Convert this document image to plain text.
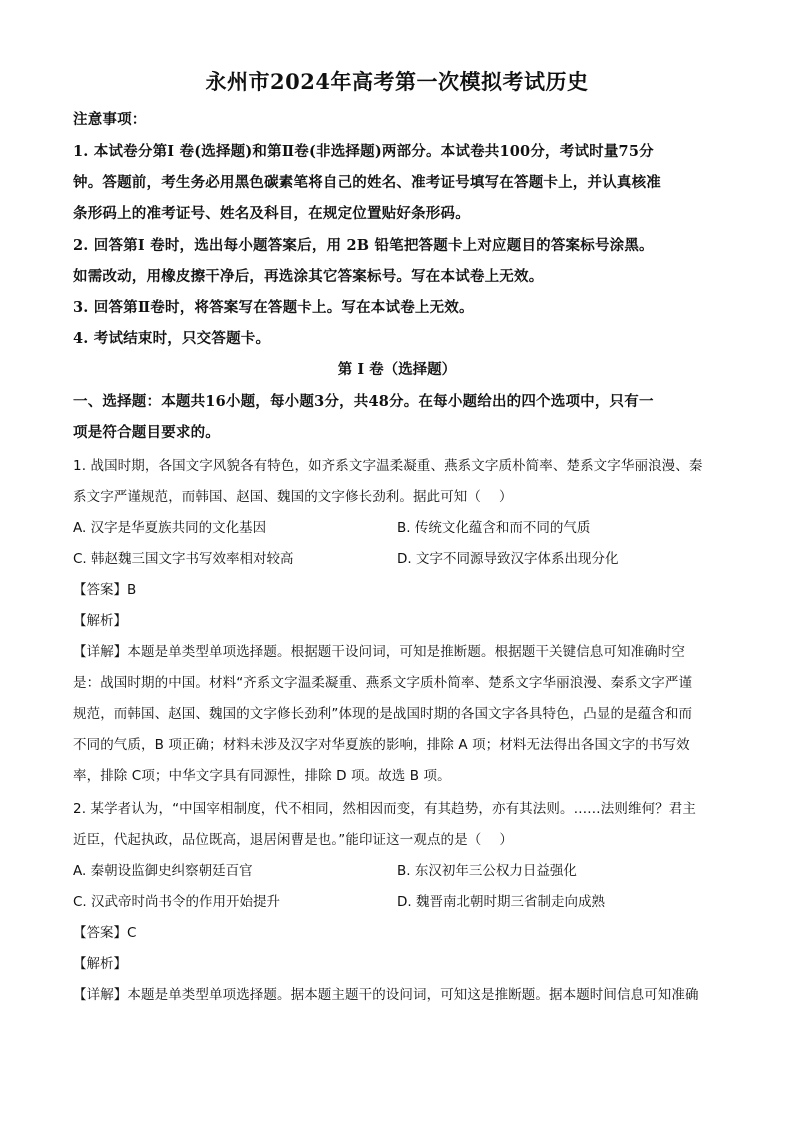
永州市2024年高考第一次模拟考试历史
注意事项：
1. 本试卷分第Ⅰ 卷(选择题)和第Ⅱ卷(非选择题)两部分。本试卷共100分，考试时量75分
钟。答题前，考生务必用黑色碳素笔将自己的姓名、准考证号填写在答题卡上，并认真核准
条形码上的准考证号、姓名及科目，在规定位置贴好条形码。
2. 回答第Ⅰ 卷时，选出每小题答案后，用 2B 铅笔把答题卡上对应题目的答案标号涂黑。
如需改动，用橡皮擦干净后，再选涂其它答案标号。写在本试卷上无效。
3. 回答第Ⅱ卷时，将答案写在答题卡上。写在本试卷上无效。
4. 考试结束时，只交答题卡。
第 Ⅰ 卷（选择题）
一、选择题：本题共16小题，每小题3分，共48分。在每小题给出的四个选项中，只有一
项是符合题目要求的。
1. 战国时期，各国文字风貌各有特色，如齐系文字温柔凝重、燕系文字质朴简率、楚系文字华丽浪漫、秦
系文字严谨规范，而韩国、赵国、魏国的文字修长劲利。据此可知（　 ）
A. 汉字是华夏族共同的文化基因	B. 传统文化蕴含和而不同的气质
C. 韩赵魏三国文字书写效率相对较高	D. 文字不同源导致汉字体系出现分化
【答案】B
【解析】
【详解】本题是单类型单项选择题。根据题干设问词，可知是推断题。根据题干关键信息可知准确时空
是：战国时期的中国。材料“齐系文字温柔凝重、燕系文字质朴简率、楚系文字华丽浪漫、秦系文字严谨
规范，而韩国、赵国、魏国的文字修长劲利”体现的是战国时期的各国文字各具特色，凸显的是蕴含和而
不同的气质，B 项正确；材料未涉及汉字对华夏族的影响，排除 A 项；材料无法得出各国文字的书写效
率，排除 C项；中华文字具有同源性，排除 D 项。故选 B 项。
2. 某学者认为，“中国宰相制度，代不相同，然相因而变，有其趋势，亦有其法则。……法则维何？君主
近臣，代起执政，品位既高，退居闲曹是也。”能印证这一观点的是（　 ）
A. 秦朝设监御史纠察朝廷百官	B. 东汉初年三公权力日益强化
C. 汉武帝时尚书令的作用开始提升	D. 魏晋南北朝时期三省制走向成熟
【答案】C
【解析】
【详解】本题是单类型单项选择题。据本题主题干的设问词，可知这是推断题。据本题时间信息可知准确
